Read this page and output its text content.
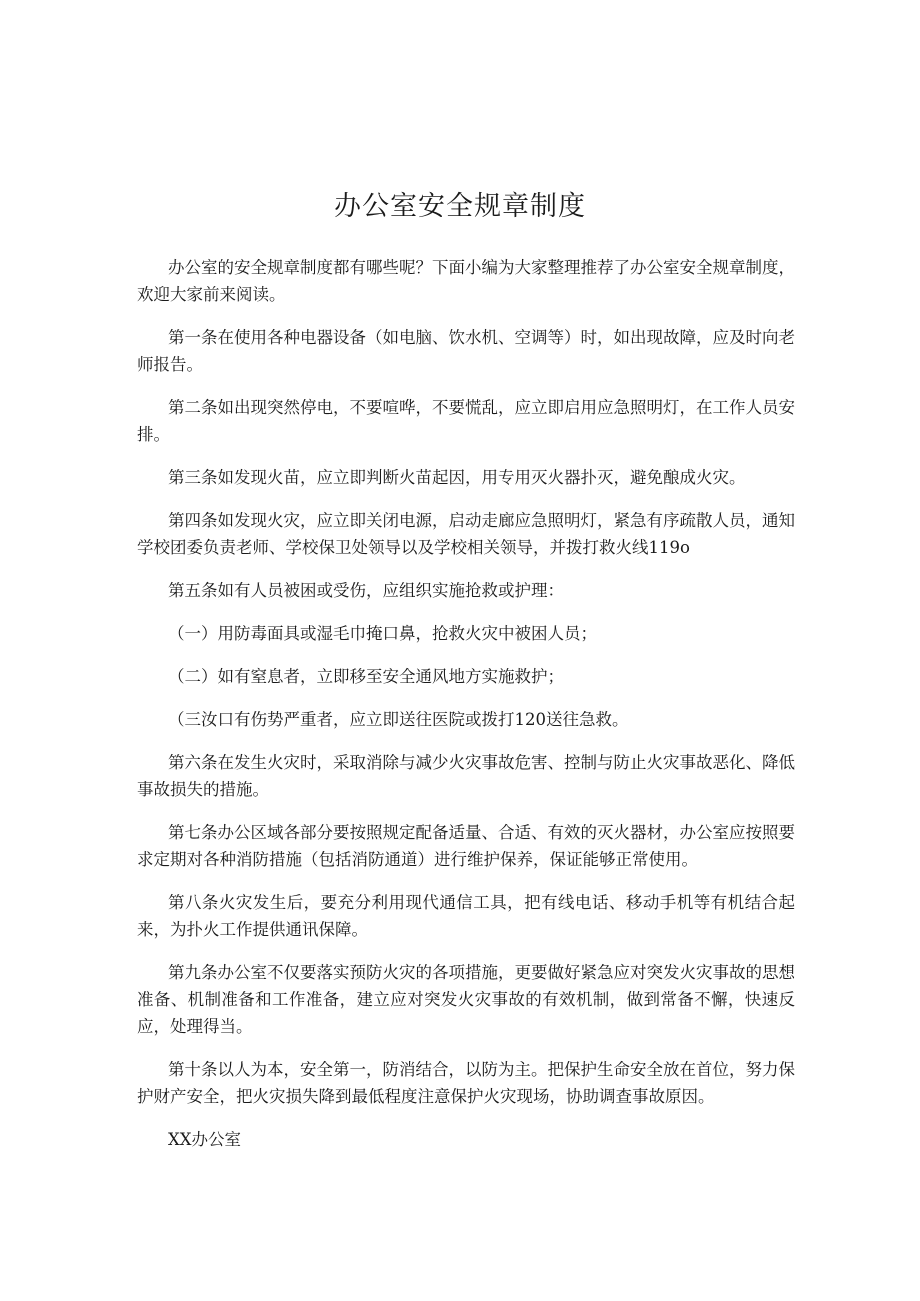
办公室安全规章制度

办公室的安全规章制度都有哪些呢？下面小编为大家整理推荐了办公室安全规章制度，欢迎大家前来阅读。

第一条在使用各种电器设备（如电脑、饮水机、空调等）时，如出现故障，应及时向老师报告。

第二条如出现突然停电，不要喧哗，不要慌乱，应立即启用应急照明灯，在工作人员安排。

第三条如发现火苗，应立即判断火苗起因，用专用灭火器扑灭，避免酿成火灾。

第四条如发现火灾，应立即关闭电源，启动走廊应急照明灯，紧急有序疏散人员，通知学校团委负责老师、学校保卫处领导以及学校相关领导，并拨打救火线119o

第五条如有人员被困或受伤，应组织实施抢救或护理：

（一）用防毒面具或湿毛巾掩口鼻，抢救火灾中被困人员；

（二）如有窒息者，立即移至安全通风地方实施救护；

（三汝口有伤势严重者，应立即送往医院或拨打120送往急救。

第六条在发生火灾时，采取消除与减少火灾事故危害、控制与防止火灾事故恶化、降低事故损失的措施。

第七条办公区域各部分要按照规定配备适量、合适、有效的灭火器材，办公室应按照要求定期对各种消防措施（包括消防通道）进行维护保养，保证能够正常使用。

第八条火灾发生后，要充分利用现代通信工具，把有线电话、移动手机等有机结合起来，为扑火工作提供通讯保障。

第九条办公室不仅要落实预防火灾的各项措施，更要做好紧急应对突发火灾事故的思想准备、机制准备和工作准备，建立应对突发火灾事故的有效机制，做到常备不懈，快速反应，处理得当。

第十条以人为本，安全第一，防消结合，以防为主。把保护生命安全放在首位，努力保护财产安全，把火灾损失降到最低程度注意保护火灾现场，协助调查事故原因。

XX办公室
